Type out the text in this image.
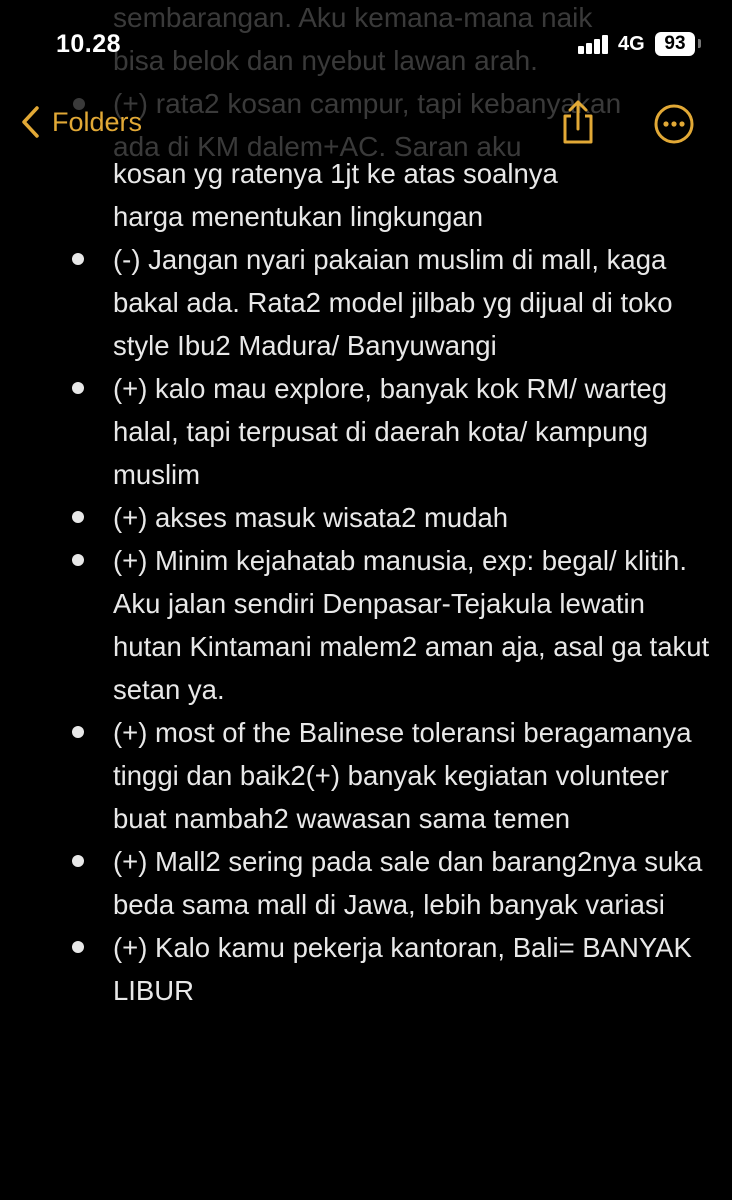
sembarangan. Aku kemana-mana naik
bisa belok dan nyebut lawan arah.
(+) rata2 kosan campur, tapi kebanyakan
ada di KM dalem+AC. Saran aku
10.28	4G	93
Folders
kosan yg ratenya 1jt ke atas soalnya
harga menentukan lingkungan
(-) Jangan nyari pakaian muslim di mall, kaga bakal ada. Rata2 model jilbab yg dijual di toko style Ibu2 Madura/ Banyuwangi
(+) kalo mau explore, banyak kok RM/ warteg halal, tapi terpusat di daerah kota/ kampung muslim
(+) akses masuk wisata2 mudah
(+) Minim kejahatab manusia, exp: begal/ klitih. Aku jalan sendiri Denpasar-Tejakula lewatin hutan Kintamani malem2 aman aja, asal ga takut setan ya.
(+) most of the Balinese toleransi beragamanya tinggi dan baik2(+) banyak kegiatan volunteer buat nambah2 wawasan sama temen
(+) Mall2 sering pada sale dan barang2nya suka beda sama mall di Jawa, lebih banyak variasi
(+) Kalo kamu pekerja kantoran, Bali= BANYAK LIBUR
